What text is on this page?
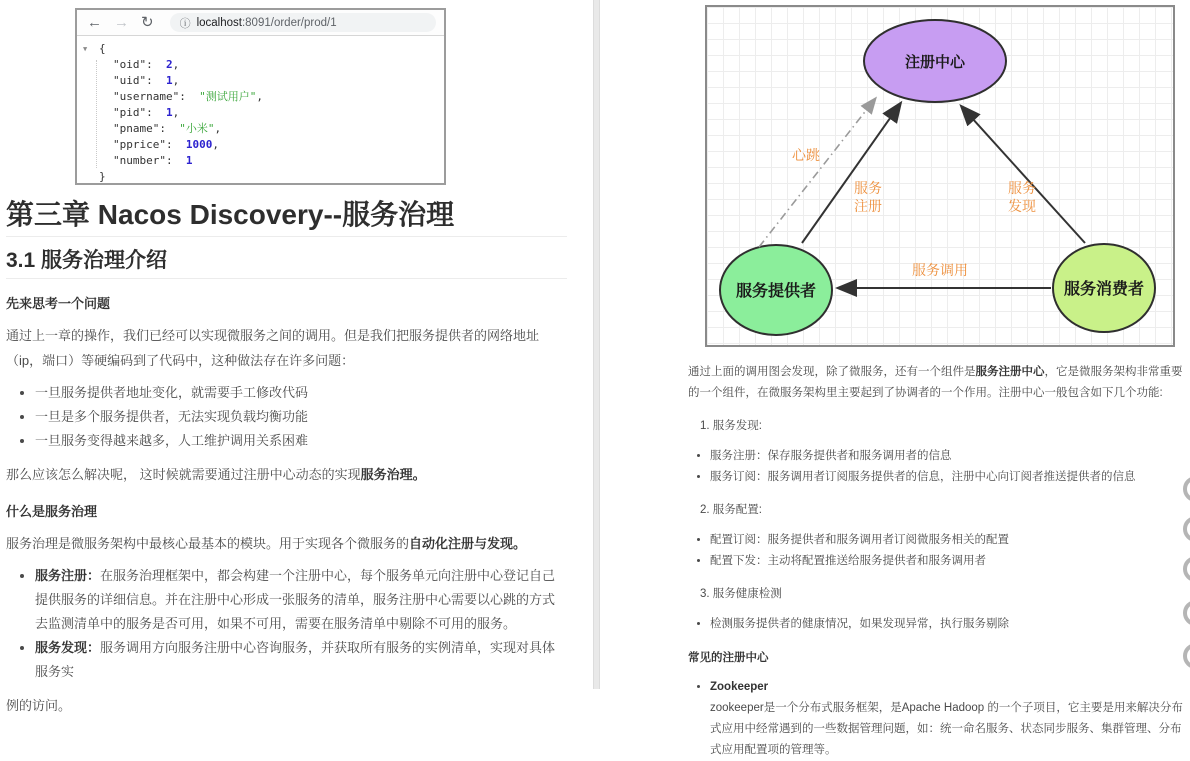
← → ↻ ⓘ localhost:8091/order/prod/1
▼	{
"oid":  2,
"uid":  1,
"username":  "测试用户",
"pid":  1,
"pname":  "小米",
"pprice":  1000,
"number":  1
}
第三章 Nacos Discovery--服务治理
3.1 服务治理介绍
先来思考一个问题

通过上一章的操作，我们已经可以实现微服务之间的调用。但是我们把服务提供者的网络地址（ip，端口）等硬编码到了代码中，这种做法存在许多问题：

• 一旦服务提供者地址变化，就需要手工修改代码
• 一旦是多个服务提供者，无法实现负载均衡功能
• 一旦服务变得越来越多，人工维护调用关系困难

那么应该怎么解决呢， 这时候就需要通过注册中心动态的实现服务治理。

什么是服务治理

服务治理是微服务架构中最核心最基本的模块。用于实现各个微服务的自动化注册与发现。

• 服务注册：在服务治理框架中，都会构建一个注册中心，每个服务单元向注册中心登记自己提供服务的详细信息。并在注册中心形成一张服务的清单，服务注册中心需要以心跳的方式去监测清单中的服务是否可用，如果不可用，需要在服务清单中剔除不可用的服务。
• 服务发现：服务调用方向服务注册中心咨询服务，并获取所有服务的实例清单，实现对具体服务实

例的访问。

注册中心
服务提供者	服务消费者
心跳
服务
注册
服务
发现
服务调用

通过上面的调用图会发现，除了微服务，还有一个组件是服务注册中心，它是微服务架构非常重要的一个组件，在微服务架构里主要起到了协调者的一个作用。注册中心一般包含如下几个功能:

1. 服务发现:
• 服务注册：保存服务提供者和服务调用者的信息
• 服务订阅：服务调用者订阅服务提供者的信息，注册中心向订阅者推送提供者的信息
2. 服务配置:
• 配置订阅：服务提供者和服务调用者订阅微服务相关的配置
• 配置下发：主动将配置推送给服务提供者和服务调用者
3. 服务健康检测
• 检测服务提供者的健康情况，如果发现异常，执行服务剔除
常见的注册中心
• Zookeeper
zookeeper是一个分布式服务框架，是Apache Hadoop 的一个子项目，它主要是用来解决分布式应用中经常遇到的一些数据管理问题，如：统一命名服务、状态同步服务、集群管理、分布式应用配置项的管理等。
